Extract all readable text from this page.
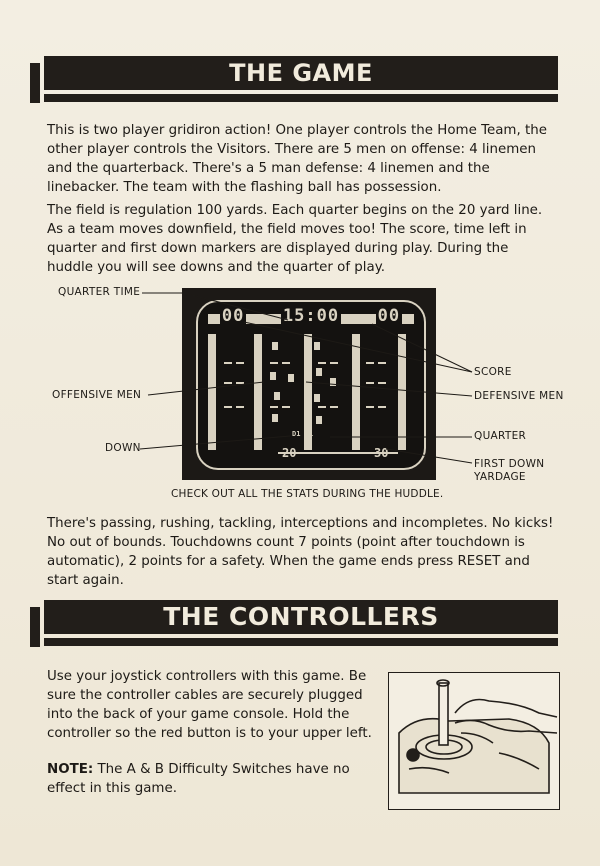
THE GAME

This is two player gridiron action! One player controls the Home Team, the other player controls the Visitors. There are 5 men on offense: 4 linemen and the quarterback. There's a 5 man defense: 4 linemen and the linebacker. The team with the flashing ball has possession.

The field is regulation 100 yards. Each quarter begins on the 20 yard line. As a team moves downfield, the field moves too! The score, time left in quarter and first down markers are displayed during play. During the huddle you will see downs and the quarter of play.

00 15:00 00
D1 Q1
20	30
QUARTER TIME
SCORE
OFFENSIVE MEN	DEFENSIVE MEN
DOWN
QUARTER
FIRST DOWN
YARDAGE
CHECK OUT ALL THE STATS DURING THE HUDDLE.

There's passing, rushing, tackling, interceptions and incompletes. No kicks! No out of bounds. Touchdowns count 7 points (point after touchdown is automatic), 2 points for a safety. When the game ends press RESET and start again.

THE CONTROLLERS

Use your joystick controllers with this game. Be sure the controller cables are securely plugged into the back of your game console. Hold the controller so the red button is to your upper left.

NOTE: The A & B Difficulty Switches have no effect in this game.
